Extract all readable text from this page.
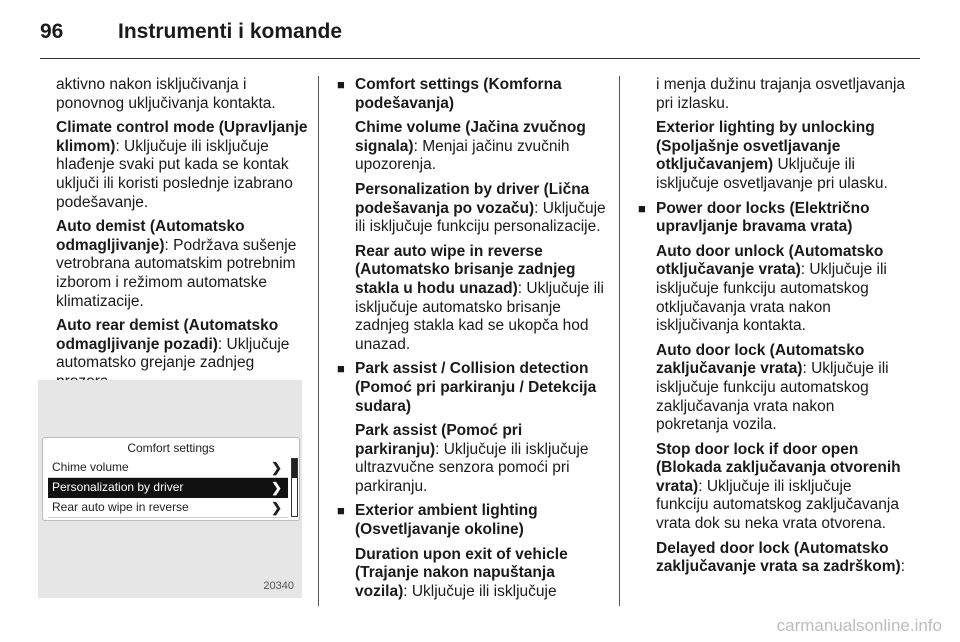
96	Instrumenti i komande

aktivno nakon isključivanja i ponovnog uključivanja kontakta.

Climate control mode (Upravljanje klimom): Uključuje ili isključuje hlađenje svaki put kada se kontak uključi ili koristi poslednje izabrano podešavanje.

Auto demist (Automatsko odmagljivanje): Podržava sušenje vetrobrana automatskim potrebnim izborom i režimom automatske klimatizacije.

Auto rear demist (Automatsko odmagljivanje pozadi): Uključuje automatsko grejanje zadnjeg

Comfort settings
Chime volume	❯
Personalization by driver	❯
Rear auto wipe in reverse	❯
20340
■ Comfort settings (Komforna podešavanja)

Chime volume (Jačina zvučnog signala): Menjai jačinu zvučnih upozorenja.

Personalization by driver (Lična podešavanja po vozaču): Uključuje ili isključuje funkciju personalizacije.

Rear auto wipe in reverse (Automatsko brisanje zadnjeg stakla u hodu unazad): Uključuje ili isključuje automatsko brisanje zadnjeg stakla kad se ukopča hod unazad.

■ Park assist / Collision detection (Pomoć pri parkiranju / Detekcija sudara)

Park assist (Pomoć pri parkiranju): Uključuje ili isključuje ultrazvučne senzora pomoći pri parkiranju.

■ Exterior ambient lighting (Osvetljavanje okoline)

Duration upon exit of vehicle (Trajanje nakon napuštanja vozila): Uključuje ili isključuje

i menja dužinu trajanja osvetljavanja pri izlasku.

Exterior lighting by unlocking (Spoljašnje osvetljavanje otključavanjem) Uključuje ili isključuje osvetljavanje pri ulasku.

■ Power door locks (Električno upravljanje bravama vrata)

Auto door unlock (Automatsko otključavanje vrata): Uključuje ili isključuje funkciju automatskog otključavanja vrata nakon isključivanja kontakta.

Auto door lock (Automatsko zaključavanje vrata): Uključuje ili isključuje funkciju automatskog zaključavanja vrata nakon pokretanja vozila.

Stop door lock if door open (Blokada zaključavanja otvorenih vrata): Uključuje ili isključuje funkciju automatskog zaključavanja vrata dok su neka vrata otvorena.

Delayed door lock (Automatsko zaključavanje vrata sa zadrškom):

carmanualsonline.info
